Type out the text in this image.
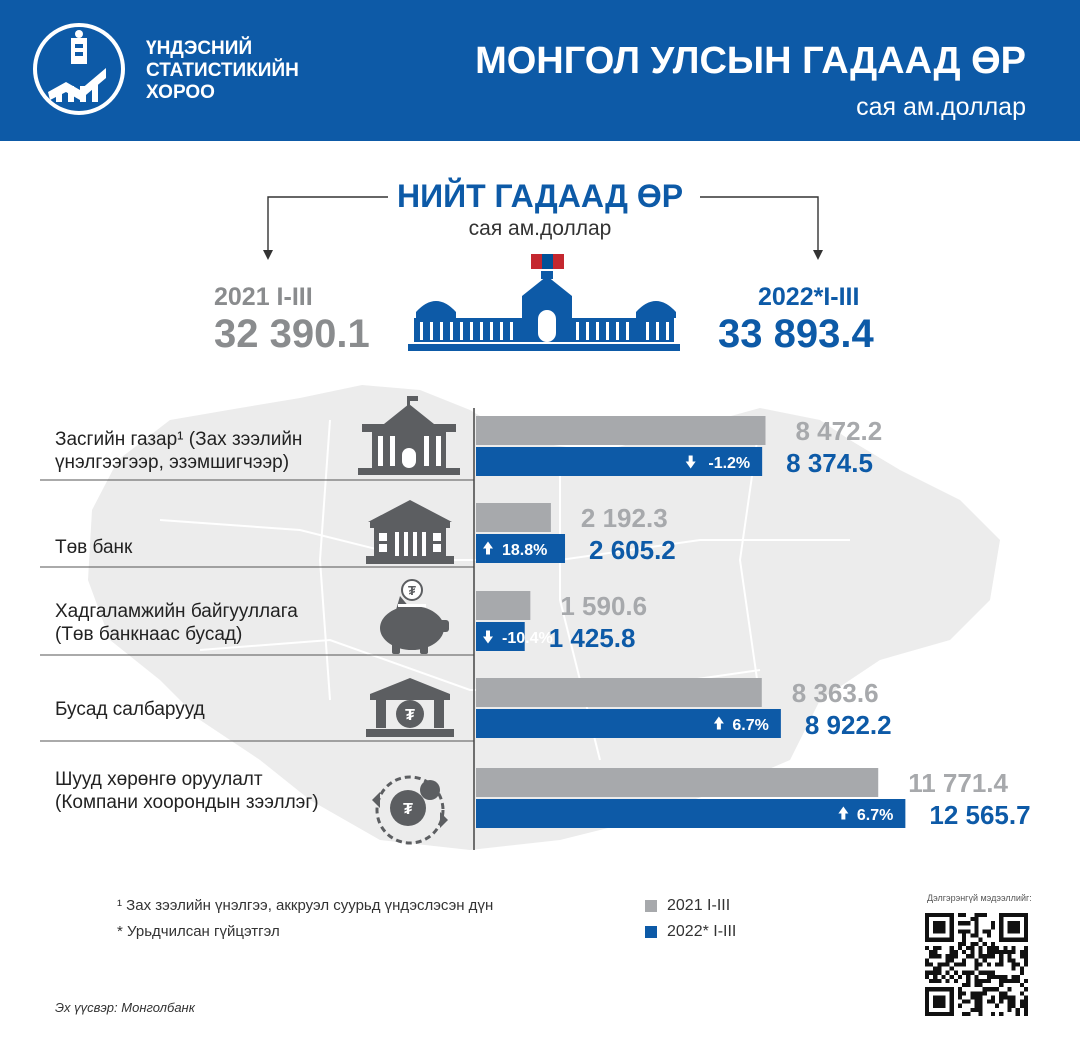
ҮНДЭСНИЙ
СТАТИСТИКИЙН
ХОРОО
МОНГОЛ УЛСЫН ГАДААД ӨР
сая ам.доллар
₮
₮
₮
8 472.2
8 374.5
-1.2%
2 192.3
2 605.2
18.8%
1 590.6
1 425.8
-10.4%
8 363.6
8 922.2
6.7%
11 771.4
12 565.7
6.7%
НИЙТ ГАДААД ӨР
сая ам.доллар
2021 I-III
32 390.1
2022*I-III
33 893.4
Засгийн газар¹ (Зах зээлийн
үнэлгээгээр, эзэмшигчээр)
Төв банк
Хадгаламжийн байгууллага
(Төв банкнаас бусад)
Бусад салбарууд
Шууд хөрөнгө оруулалт
(Компани хоорондын зээллэг)
¹ Зах зээлийн үнэлгээ, аккруэл суурьд үндэслэсэн дүн
* Урьдчилсан гүйцэтгэл
2021 I-III
2022* I-III
Эх үүсвэр: Монголбанк
Дэлгэрэнгүй мэдээллийг:
